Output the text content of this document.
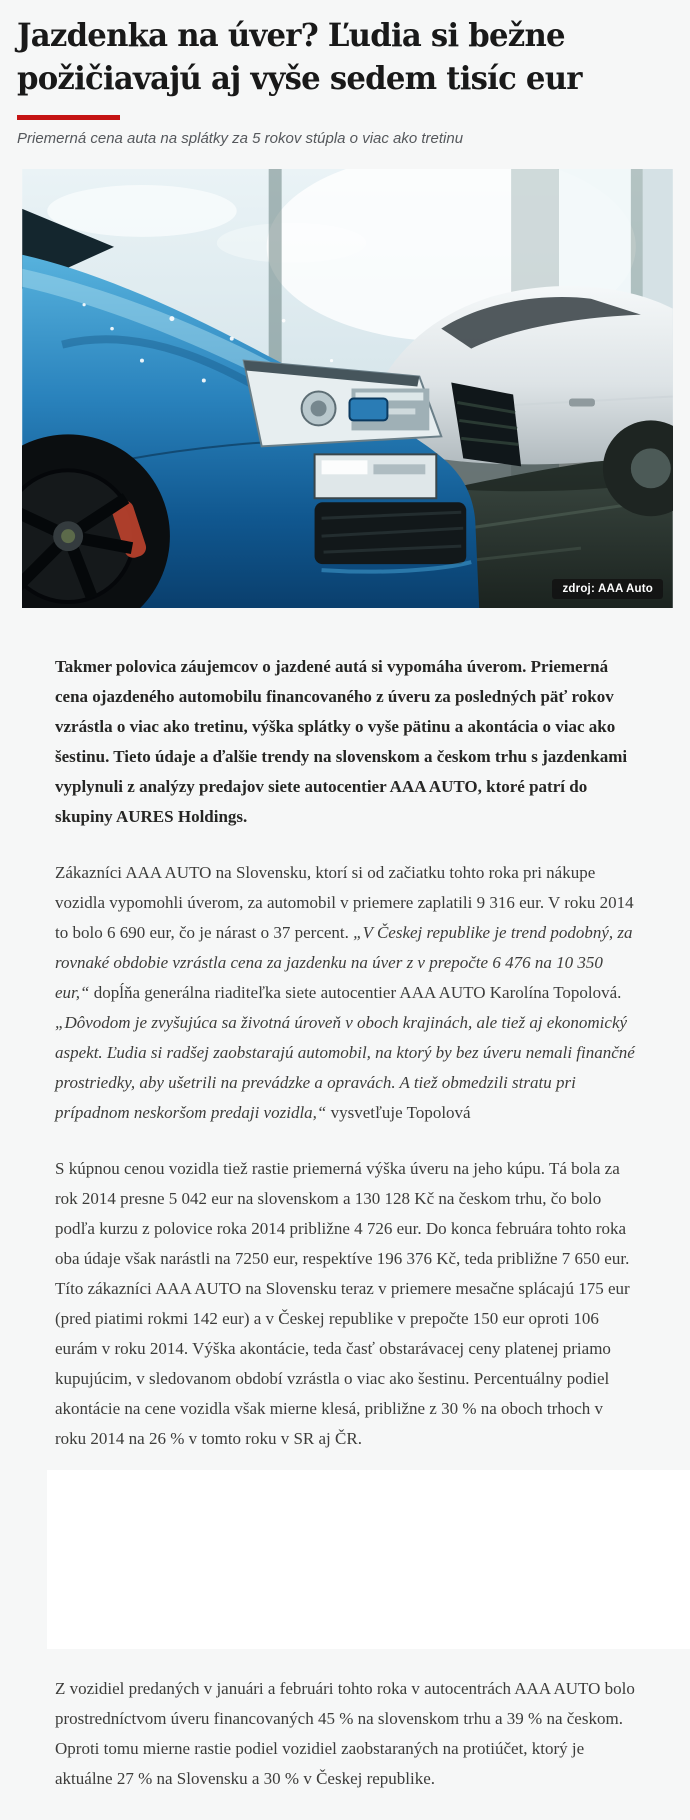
Jazdenka na úver? Ľudia si bežne
požičiavajú aj vyše sedem tisíc eur

Priemerná cena auta na splátky za 5 rokov stúpla o viac ako tretinu

zdroj: AAA Auto

Takmer polovica záujemcov o jazdené autá si vypomáha úverom. Priemerná cena ojazdeného automobilu financovaného z úveru za posledných päť rokov vzrástla o viac ako tretinu, výška splátky o vyše pätinu a akontácia o viac ako šestinu. Tieto údaje a ďalšie trendy na slovenskom a českom trhu s jazdenkami vyplynuli z analýzy predajov siete autocentier AAA AUTO, ktoré patrí do skupiny AURES Holdings.

Zákazníci AAA AUTO na Slovensku, ktorí si od začiatku tohto roka pri nákupe vozidla vypomohli úverom, za automobil v priemere zaplatili 9 316 eur. V roku 2014 to bolo 6 690 eur, čo je nárast o 37 percent. „V Českej republike je trend podobný, za rovnaké obdobie vzrástla cena za jazdenku na úver z v prepočte 6 476 na 10 350 eur,“ dopĺňa generálna riaditeľka siete autocentier AAA AUTO Karolína Topolová. „Dôvodom je zvyšujúca sa životná úroveň v oboch krajinách, ale tiež aj ekonomický aspekt. Ľudia si radšej zaobstarajú automobil, na ktorý by bez úveru nemali finančné prostriedky, aby ušetrili na prevádzke a opravách. A tiež obmedzili stratu pri prípadnom neskoršom predaji vozidla,“ vysvetľuje Topolová

S kúpnou cenou vozidla tiež rastie priemerná výška úveru na jeho kúpu. Tá bola za rok 2014 presne 5 042 eur na slovenskom a 130 128 Kč na českom trhu, čo bolo podľa kurzu z polovice roka 2014 približne 4 726 eur. Do konca februára tohto roka oba údaje však narástli na 7250 eur, respektíve 196 376 Kč, teda približne 7 650 eur. Títo zákazníci AAA AUTO na Slovensku teraz v priemere mesačne splácajú 175 eur (pred piatimi rokmi 142 eur) a v Českej republike v prepočte 150 eur oproti 106 eurám v roku 2014. Výška akontácie, teda časť obstarávacej ceny platenej priamo kupujúcim, v sledovanom období vzrástla o viac ako šestinu. Percentuálny podiel akontácie na cene vozidla však mierne klesá, približne z 30 % na oboch trhoch v roku 2014 na 26 % v tomto roku v SR aj ČR.

Z vozidiel predaných v januári a februári tohto roka v autocentrách AAA AUTO bolo prostredníctvom úveru financovaných 45 % na slovenskom trhu a 39 % na českom. Oproti tomu mierne rastie podiel vozidiel zaobstaraných na protiúčet, ktorý je aktuálne 27 % na Slovensku a 30 % v Českej republike.
